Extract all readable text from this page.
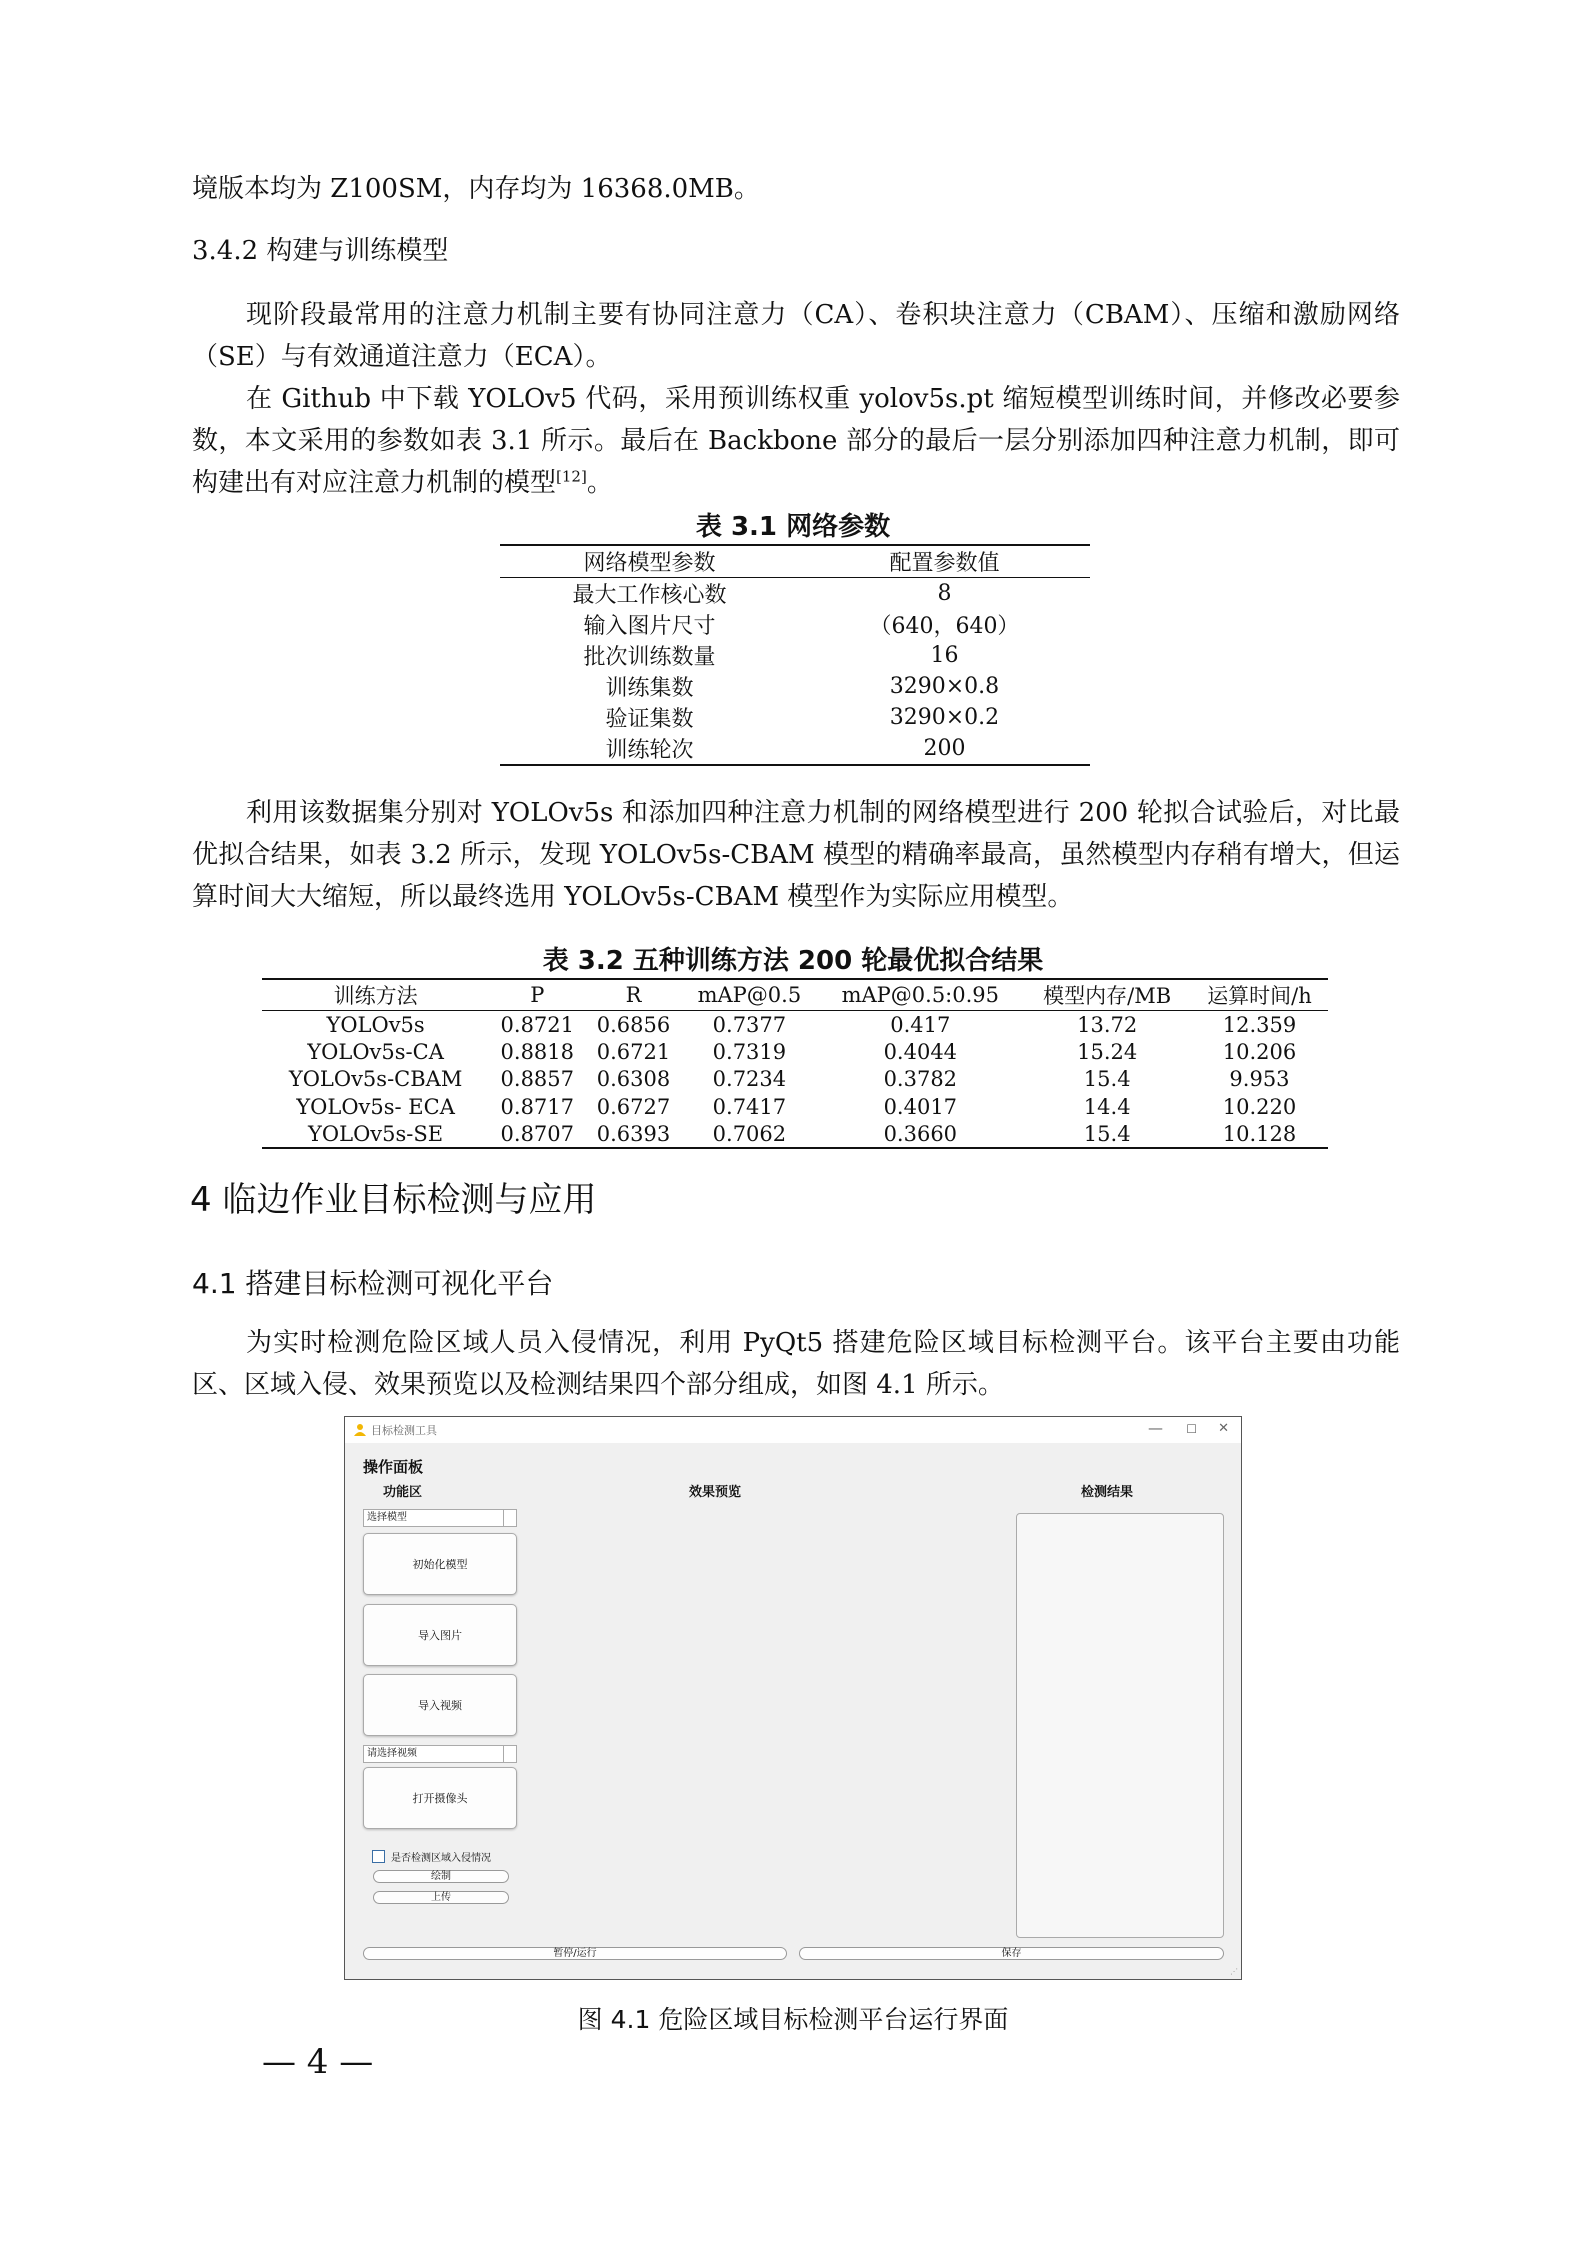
境版本均为 Z100SM，内存均为 16368.0MB。
3.4.2 构建与训练模型
现阶段最常用的注意力机制主要有协同注意力（CA）、卷积块注意力（CBAM）、压缩和激励网络（SE）与有效通道注意力（ECA）。
在 Github 中下载 YOLOv5 代码，采用预训练权重 yolov5s.pt 缩短模型训练时间，并修改必要参数，本文采用的参数如表 3.1 所示。最后在 Backbone 部分的最后一层分别添加四种注意力机制，即可构建出有对应注意力机制的模型[12]。
表 3.1 网络参数
网络模型参数	配置参数值
最大工作核心数	8
输入图片尺寸	（640，640）
批次训练数量	16
训练集数	3290×0.8
验证集数	3290×0.2
训练轮次	200
利用该数据集分别对 YOLOv5s 和添加四种注意力机制的网络模型进行 200 轮拟合试验后，对比最优拟合结果，如表 3.2 所示，发现 YOLOv5s-CBAM 模型的精确率最高，虽然模型内存稍有增大，但运算时间大大缩短，所以最终选用 YOLOv5s-CBAM 模型作为实际应用模型。
表 3.2 五种训练方法 200 轮最优拟合结果
训练方法	P	R	mAP@0.5	mAP@0.5:0.95	模型内存/MB	运算时间/h
YOLOv5s	0.8721	0.6856	0.7377	0.417	13.72	12.359
YOLOv5s-CA	0.8818	0.6721	0.7319	0.4044	15.24	10.206
YOLOv5s-CBAM	0.8857	0.6308	0.7234	0.3782	15.4	9.953
YOLOv5s- ECA	0.8717	0.6727	0.7417	0.4017	14.4	10.220
YOLOv5s-SE	0.8707	0.6393	0.7062	0.3660	15.4	10.128
4 临边作业目标检测与应用
4.1 搭建目标检测可视化平台
为实时检测危险区域人员入侵情况，利用 PyQt5 搭建危险区域目标检测平台。该平台主要由功能区、区域入侵、效果预览以及检测结果四个部分组成，如图 4.1 所示。
目标检测工具	— ☐ ✕
操作面板
功能区	效果预览	检测结果
选择模型
初始化模型
导入图片
导入视频
请选择视频
打开摄像头
是否检测区域入侵情况
绘制
上传
暂停/运行	保存
⋰
图 4.1 危险区域目标检测平台运行界面
— 4 —
